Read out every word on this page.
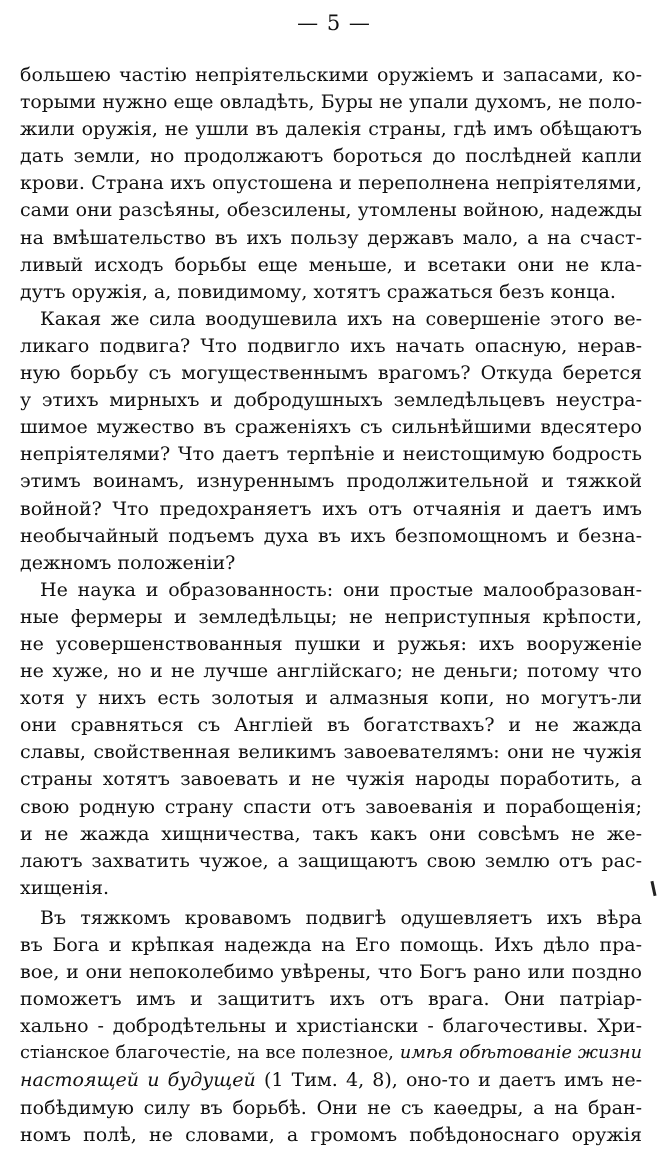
— 5 —
большею частію непріятельскими оружіемъ и запасами, ко-
торыми нужно еще овладѣть, Буры не упали духомъ, не поло-
жили оружія, не ушли въ далекія страны, гдѣ имъ обѣщаютъ
дать земли, но продолжаютъ бороться до послѣдней капли
крови. Страна ихъ опустошена и переполнена непріятелями,
сами они разсѣяны, обезсилены, утомлены войною, надежды
на вмѣшательство въ ихъ пользу державъ мало, а на счаст-
ливый исходъ борьбы еще меньше, и всетаки они не кла-
дутъ оружія, а, повидимому, хотятъ сражаться безъ конца.
Какая же сила воодушевила ихъ на совершеніе этого ве-
ликаго подвига? Что подвигло ихъ начать опасную, нерав-
ную борьбу съ могущественнымъ врагомъ? Откуда берется
у этихъ мирныхъ и добродушныхъ земледѣльцевъ неустра-
шимое мужество въ сраженіяхъ съ сильнѣйшими вдесятеро
непріятелями? Что даетъ терпѣніе и неистощимую бодрость
этимъ воинамъ, изнуреннымъ продолжительной и тяжкой
войной? Что предохраняетъ ихъ отъ отчаянія и даетъ имъ
необычайный подъемъ духа въ ихъ безпомощномъ и безна-
дежномъ положеніи?
Не наука и образованность: они простые малообразован-
ные фермеры и земледѣльцы; не неприступныя крѣпости,
не усовершенствованныя пушки и ружья: ихъ вооруженіе
не хуже, но и не лучше англійскаго; не деньги; потому что
хотя у нихъ есть золотыя и алмазныя копи, но могутъ-ли
они сравняться съ Англіей въ богатствахъ? и не жажда
славы, свойственная великимъ завоевателямъ: они не чужія
страны хотятъ завоевать и не чужія народы поработить, а
свою родную страну спасти отъ завоеванія и порабощенія;
и не жажда хищничества, такъ какъ они совсѣмъ не же-
лаютъ захватить чужое, а защищаютъ свою землю отъ рас-
хищенія.
Въ тяжкомъ кровавомъ подвигѣ одушевляетъ ихъ вѣра
въ Бога и крѣпкая надежда на Его помощь. Ихъ дѣло пра-
вое, и они непоколебимо увѣрены, что Богъ рано или поздно
поможетъ имъ и защититъ ихъ отъ врага. Они патріар-
хально - добродѣтельны и христіански - благочестивы. Хри-
стіанское благочестіе, на все полезное, имѣя обѣтованіе жизни
настоящей и будущей (1 Тим. 4, 8), оно-то и даетъ имъ не-
побѣдимую силу въ борьбѣ. Они не съ каѳедры, а на бран-
номъ полѣ, не словами, а громомъ побѣдоноснаго оружія
